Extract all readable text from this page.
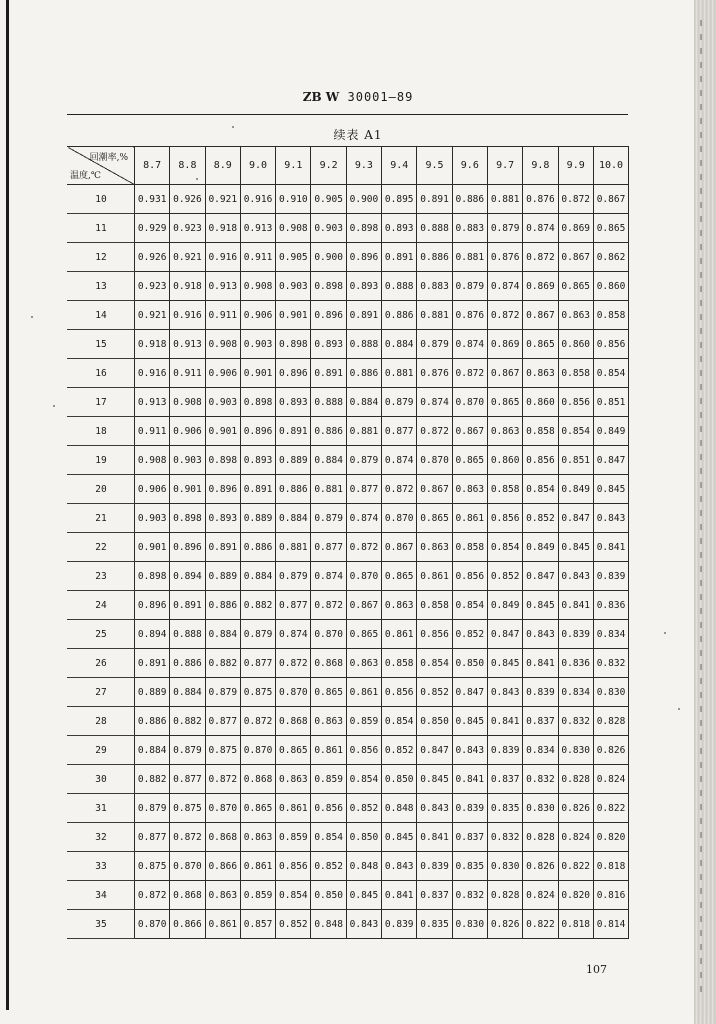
ZB W 30001—89
续表 A1
回潮率,%
温度,℃	8.7	8.8	8.9	9.0	9.1	9.2	9.3	9.4	9.5	9.6	9.7	9.8	9.9	10.0
10	0.931	0.926	0.921	0.916	0.910	0.905	0.900	0.895	0.891	0.886	0.881	0.876	0.872	0.867
11	0.929	0.923	0.918	0.913	0.908	0.903	0.898	0.893	0.888	0.883	0.879	0.874	0.869	0.865
12	0.926	0.921	0.916	0.911	0.905	0.900	0.896	0.891	0.886	0.881	0.876	0.872	0.867	0.862
13	0.923	0.918	0.913	0.908	0.903	0.898	0.893	0.888	0.883	0.879	0.874	0.869	0.865	0.860
14	0.921	0.916	0.911	0.906	0.901	0.896	0.891	0.886	0.881	0.876	0.872	0.867	0.863	0.858
15	0.918	0.913	0.908	0.903	0.898	0.893	0.888	0.884	0.879	0.874	0.869	0.865	0.860	0.856
16	0.916	0.911	0.906	0.901	0.896	0.891	0.886	0.881	0.876	0.872	0.867	0.863	0.858	0.854
17	0.913	0.908	0.903	0.898	0.893	0.888	0.884	0.879	0.874	0.870	0.865	0.860	0.856	0.851
18	0.911	0.906	0.901	0.896	0.891	0.886	0.881	0.877	0.872	0.867	0.863	0.858	0.854	0.849
19	0.908	0.903	0.898	0.893	0.889	0.884	0.879	0.874	0.870	0.865	0.860	0.856	0.851	0.847
20	0.906	0.901	0.896	0.891	0.886	0.881	0.877	0.872	0.867	0.863	0.858	0.854	0.849	0.845
21	0.903	0.898	0.893	0.889	0.884	0.879	0.874	0.870	0.865	0.861	0.856	0.852	0.847	0.843
22	0.901	0.896	0.891	0.886	0.881	0.877	0.872	0.867	0.863	0.858	0.854	0.849	0.845	0.841
23	0.898	0.894	0.889	0.884	0.879	0.874	0.870	0.865	0.861	0.856	0.852	0.847	0.843	0.839
24	0.896	0.891	0.886	0.882	0.877	0.872	0.867	0.863	0.858	0.854	0.849	0.845	0.841	0.836
25	0.894	0.888	0.884	0.879	0.874	0.870	0.865	0.861	0.856	0.852	0.847	0.843	0.839	0.834
26	0.891	0.886	0.882	0.877	0.872	0.868	0.863	0.858	0.854	0.850	0.845	0.841	0.836	0.832
27	0.889	0.884	0.879	0.875	0.870	0.865	0.861	0.856	0.852	0.847	0.843	0.839	0.834	0.830
28	0.886	0.882	0.877	0.872	0.868	0.863	0.859	0.854	0.850	0.845	0.841	0.837	0.832	0.828
29	0.884	0.879	0.875	0.870	0.865	0.861	0.856	0.852	0.847	0.843	0.839	0.834	0.830	0.826
30	0.882	0.877	0.872	0.868	0.863	0.859	0.854	0.850	0.845	0.841	0.837	0.832	0.828	0.824
31	0.879	0.875	0.870	0.865	0.861	0.856	0.852	0.848	0.843	0.839	0.835	0.830	0.826	0.822
32	0.877	0.872	0.868	0.863	0.859	0.854	0.850	0.845	0.841	0.837	0.832	0.828	0.824	0.820
33	0.875	0.870	0.866	0.861	0.856	0.852	0.848	0.843	0.839	0.835	0.830	0.826	0.822	0.818
34	0.872	0.868	0.863	0.859	0.854	0.850	0.845	0.841	0.837	0.832	0.828	0.824	0.820	0.816
35	0.870	0.866	0.861	0.857	0.852	0.848	0.843	0.839	0.835	0.830	0.826	0.822	0.818	0.814
107
